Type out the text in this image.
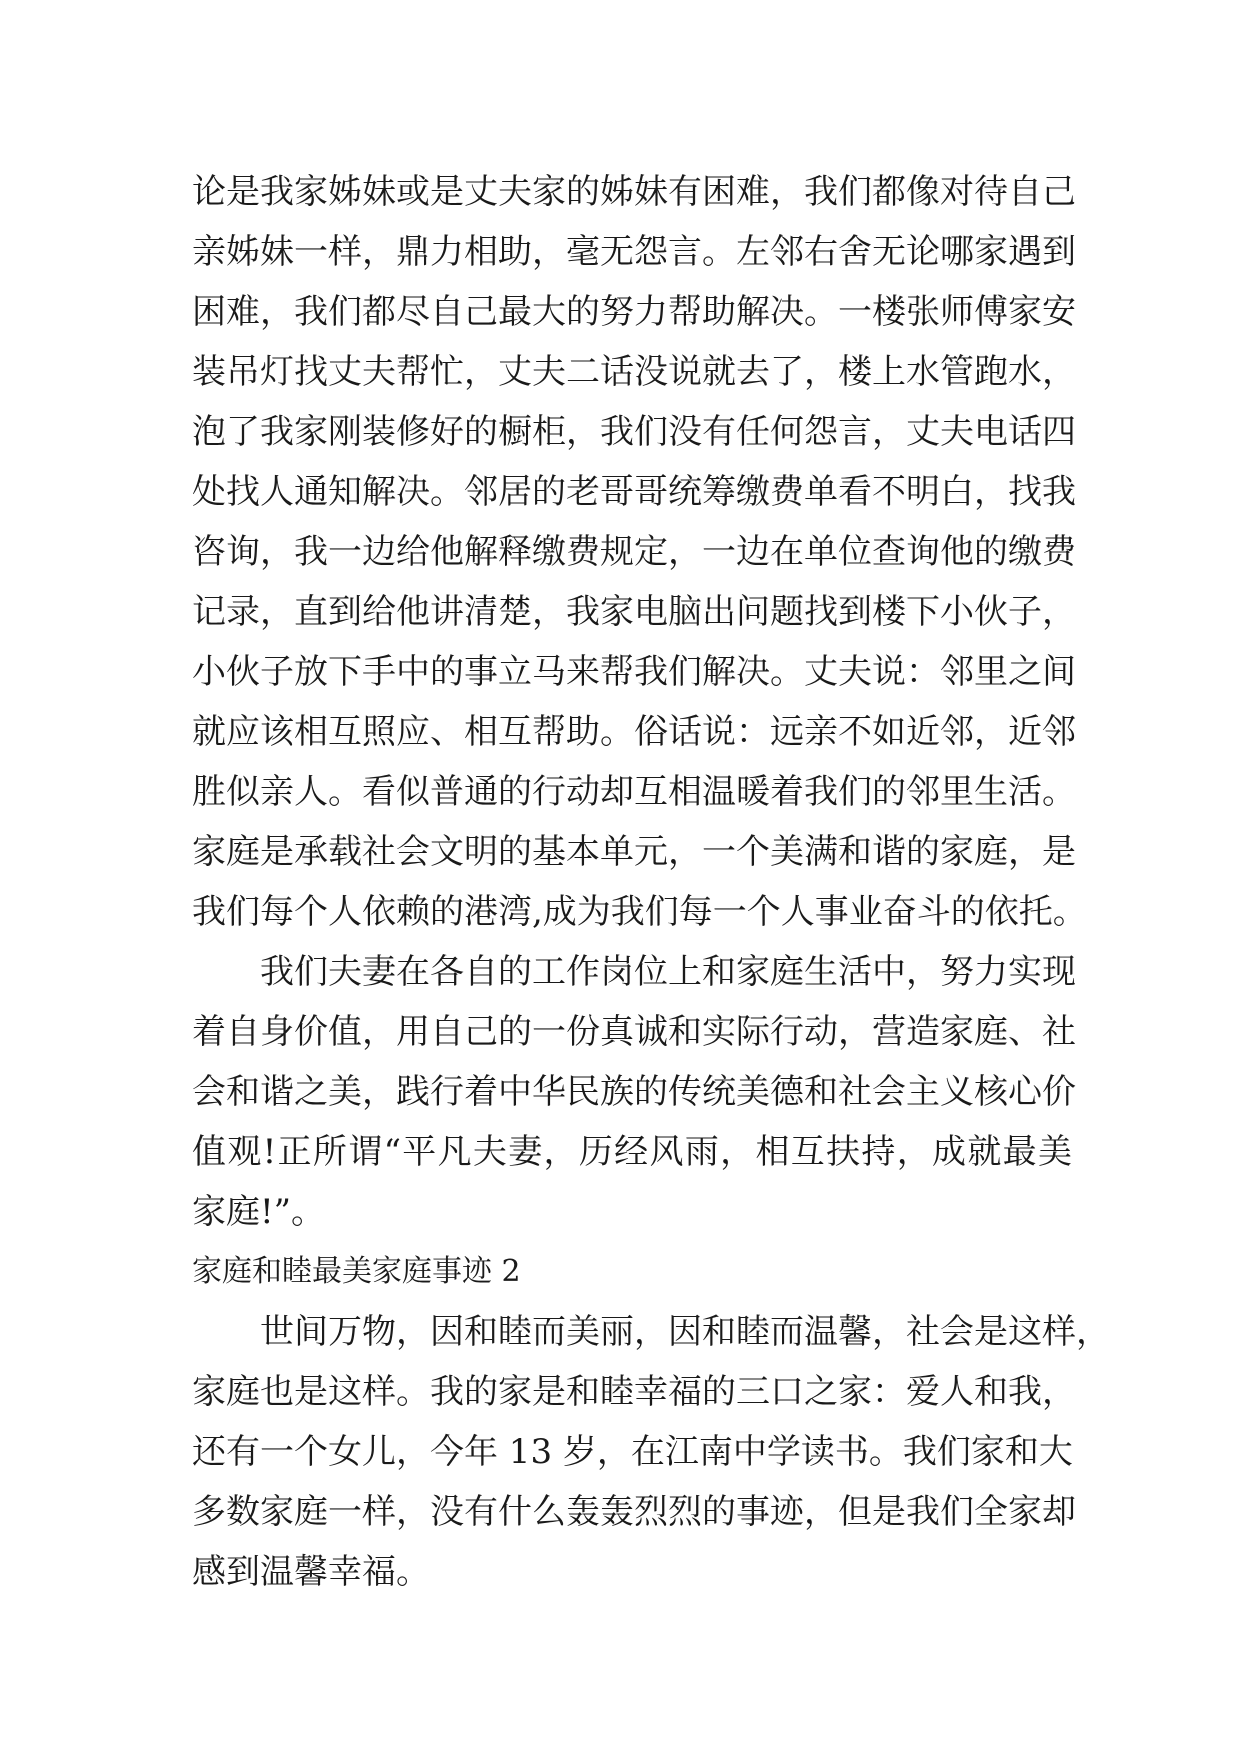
论是我家姊妹或是丈夫家的姊妹有困难，我们都像对待自己
亲姊妹一样，鼎力相助，毫无怨言。左邻右舍无论哪家遇到
困难，我们都尽自己最大的努力帮助解决。一楼张师傅家安
装吊灯找丈夫帮忙，丈夫二话没说就去了，楼上水管跑水，
泡了我家刚装修好的橱柜，我们没有任何怨言，丈夫电话四
处找人通知解决。邻居的老哥哥统筹缴费单看不明白，找我
咨询，我一边给他解释缴费规定，一边在单位查询他的缴费
记录，直到给他讲清楚，我家电脑出问题找到楼下小伙子，
小伙子放下手中的事立马来帮我们解决。丈夫说：邻里之间
就应该相互照应、相互帮助。俗话说：远亲不如近邻，近邻
胜似亲人。看似普通的行动却互相温暖着我们的邻里生活。
家庭是承载社会文明的基本单元，一个美满和谐的家庭，是
我们每个人依赖的港湾,成为我们每一个人事业奋斗的依托。
我们夫妻在各自的工作岗位上和家庭生活中，努力实现
着自身价值，用自己的一份真诚和实际行动，营造家庭、社
会和谐之美，践行着中华民族的传统美德和社会主义核心价
值观!正所谓“平凡夫妻，历经风雨，相互扶持，成就最美
家庭!”。
家庭和睦最美家庭事迹 2
世间万物，因和睦而美丽，因和睦而温馨，社会是这样，
家庭也是这样。我的家是和睦幸福的三口之家：爱人和我，
还有一个女儿，今年 13 岁，在江南中学读书。我们家和大
多数家庭一样，没有什么轰轰烈烈的事迹，但是我们全家却
感到温馨幸福。
